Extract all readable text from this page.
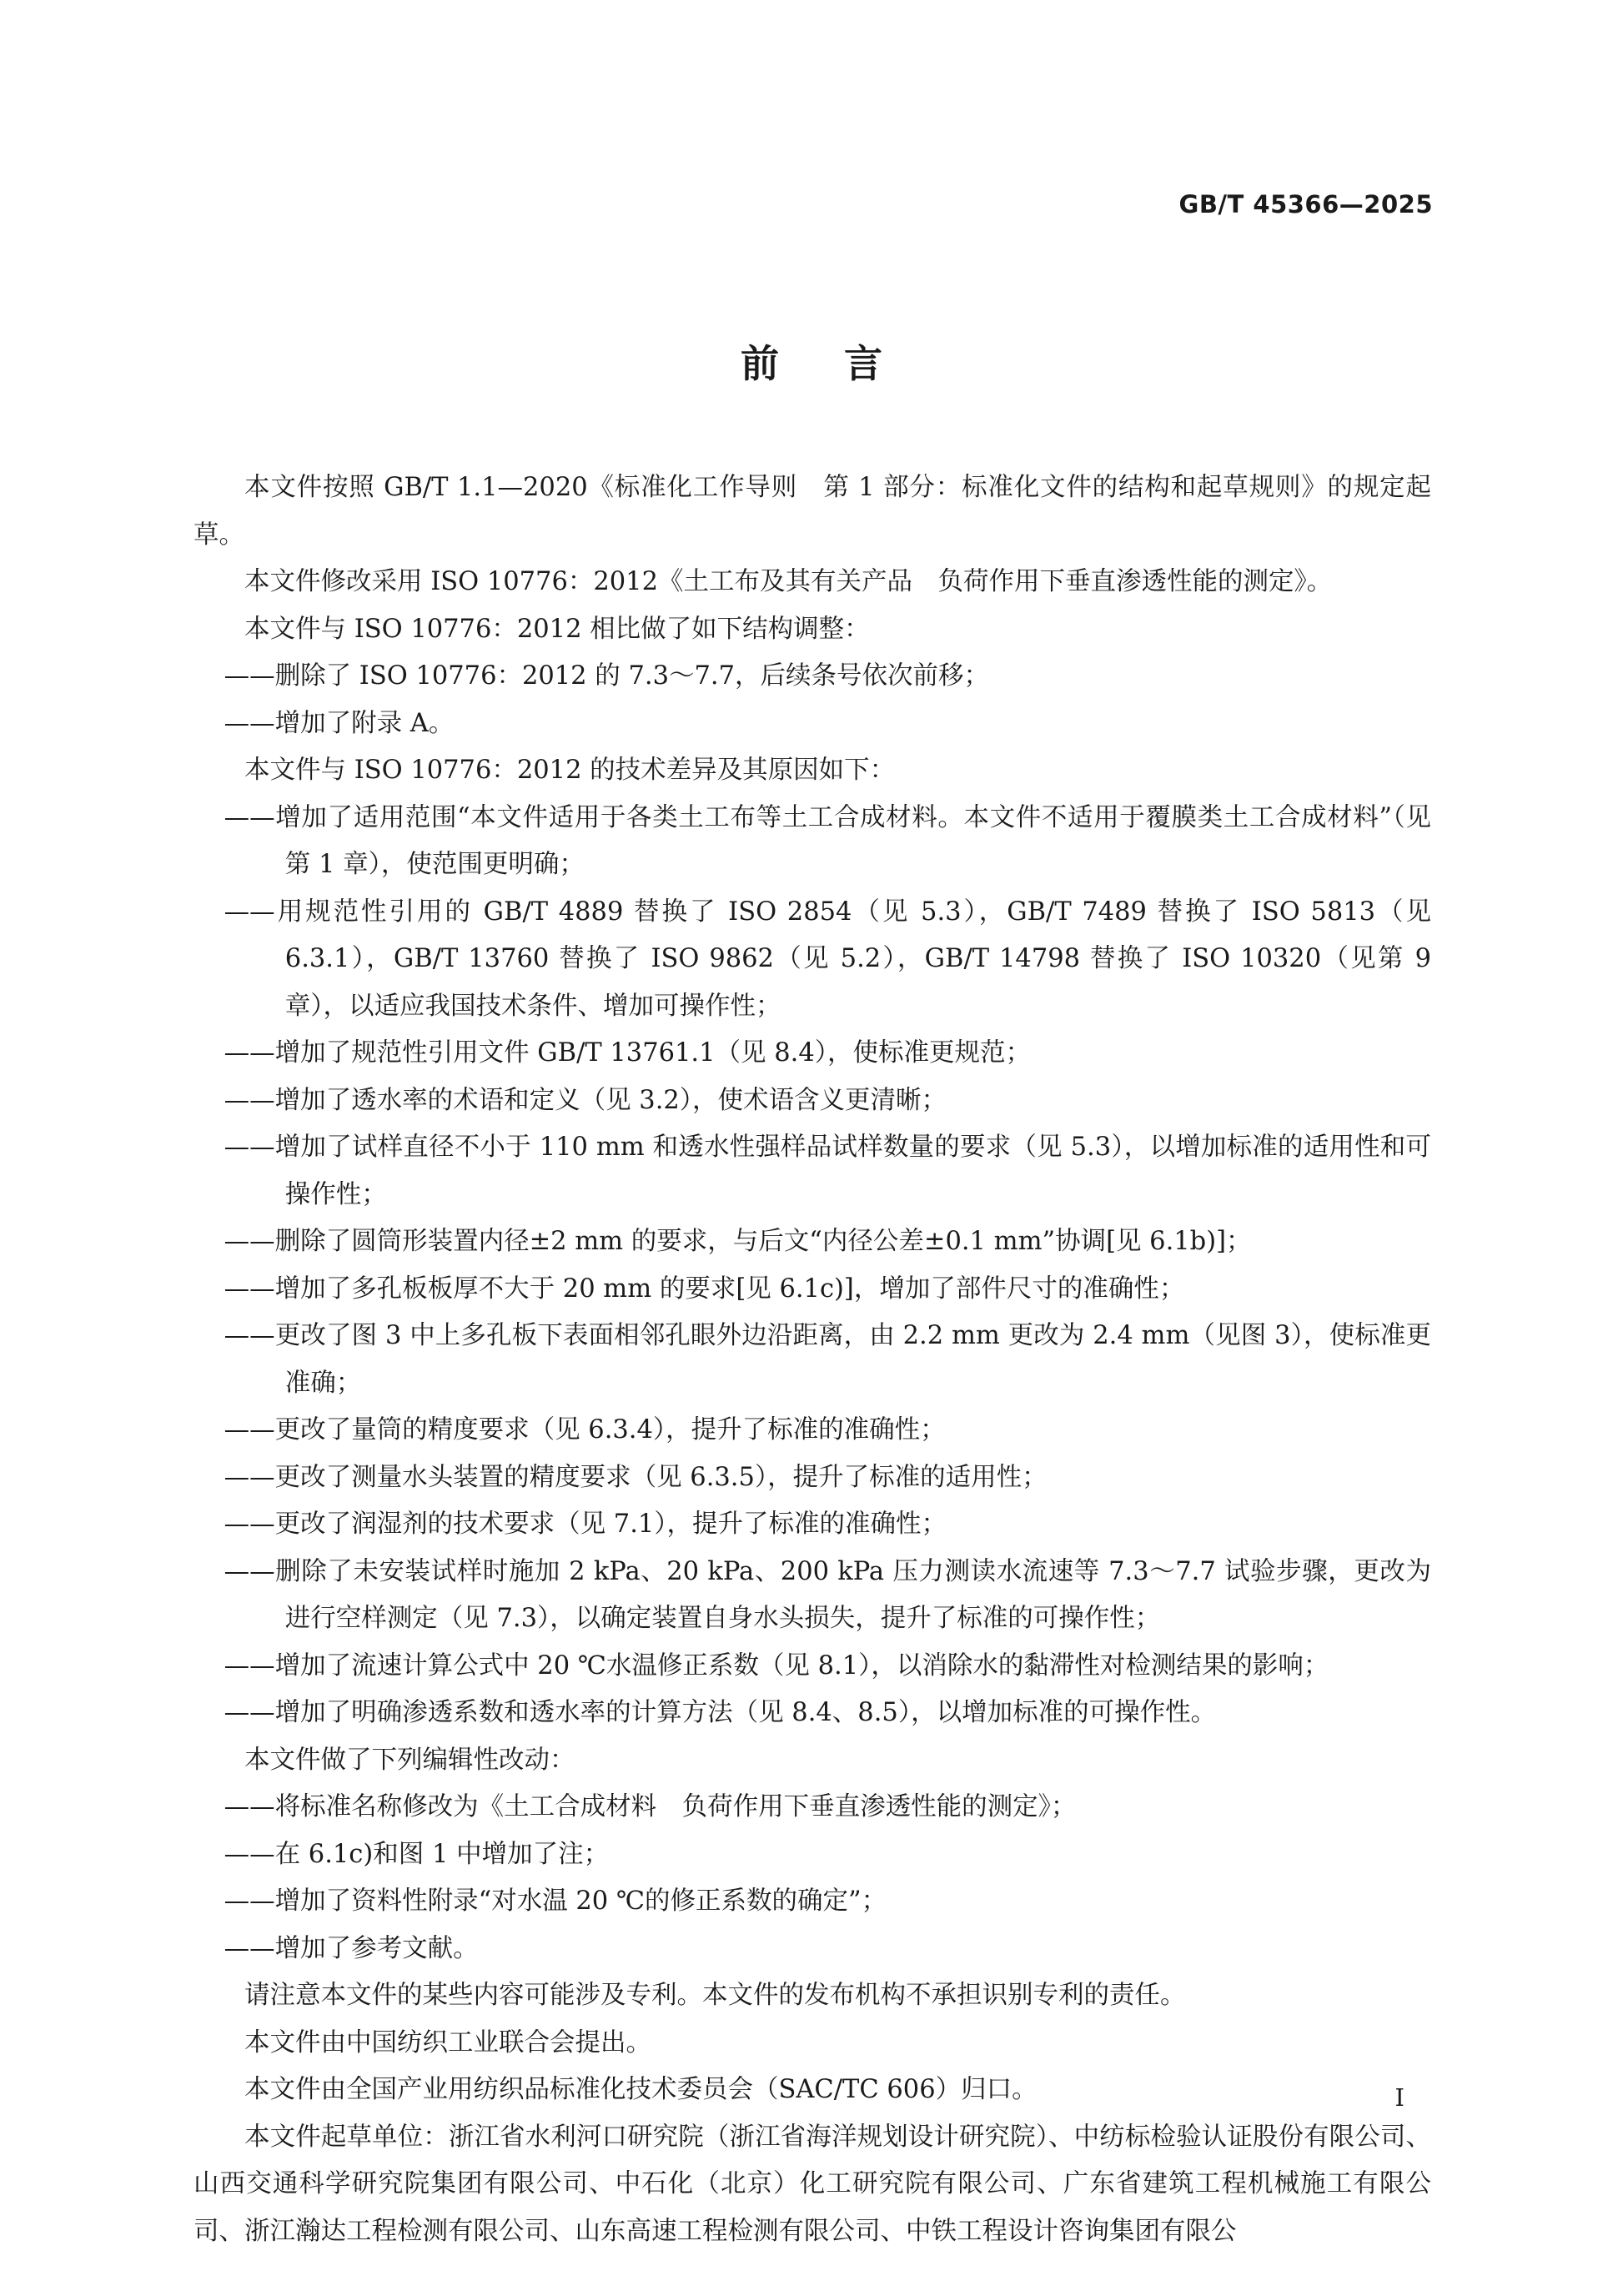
GB/T 45366—2025
前言

本文件按照 GB/T 1.1—2020《标准化工作导则　第 1 部分：标准化文件的结构和起草规则》的规定起草。

本文件修改采用 ISO 10776：2012《土工布及其有关产品　负荷作用下垂直渗透性能的测定》。

本文件与 ISO 10776：2012 相比做了如下结构调整：

——删除了 ISO 10776：2012 的 7.3～7.7，后续条号依次前移；

——增加了附录 A。

本文件与 ISO 10776：2012 的技术差异及其原因如下：

——增加了适用范围“本文件适用于各类土工布等土工合成材料。本文件不适用于覆膜类土工合成材料”（见第 1 章），使范围更明确；

——用规范性引用的 GB/T 4889 替换了 ISO 2854（见 5.3），GB/T 7489 替换了 ISO 5813（见 6.3.1），GB/T 13760 替换了 ISO 9862（见 5.2），GB/T 14798 替换了 ISO 10320（见第 9 章），以适应我国技术条件、增加可操作性；

——增加了规范性引用文件 GB/T 13761.1（见 8.4），使标准更规范；

——增加了透水率的术语和定义（见 3.2），使术语含义更清晰；

——增加了试样直径不小于 110 mm 和透水性强样品试样数量的要求（见 5.3），以增加标准的适用性和可操作性；

——删除了圆筒形装置内径±2 mm 的要求，与后文“内径公差±0.1 mm”协调[见 6.1b)]；

——增加了多孔板板厚不大于 20 mm 的要求[见 6.1c)]，增加了部件尺寸的准确性；

——更改了图 3 中上多孔板下表面相邻孔眼外边沿距离，由 2.2 mm 更改为 2.4 mm（见图 3），使标准更准确；

——更改了量筒的精度要求（见 6.3.4），提升了标准的准确性；

——更改了测量水头装置的精度要求（见 6.3.5），提升了标准的适用性；

——更改了润湿剂的技术要求（见 7.1），提升了标准的准确性；

——删除了未安装试样时施加 2 kPa、20 kPa、200 kPa 压力测读水流速等 7.3～7.7 试验步骤，更改为进行空样测定（见 7.3），以确定装置自身水头损失，提升了标准的可操作性；

——增加了流速计算公式中 20 ℃水温修正系数（见 8.1），以消除水的黏滞性对检测结果的影响；

——增加了明确渗透系数和透水率的计算方法（见 8.4、8.5），以增加标准的可操作性。

本文件做了下列编辑性改动：

——将标准名称修改为《土工合成材料　负荷作用下垂直渗透性能的测定》；

——在 6.1c)和图 1 中增加了注；

——增加了资料性附录“对水温 20 ℃的修正系数的确定”；

——增加了参考文献。

请注意本文件的某些内容可能涉及专利。本文件的发布机构不承担识别专利的责任。

本文件由中国纺织工业联合会提出。

本文件由全国产业用纺织品标准化技术委员会（SAC/TC 606）归口。

本文件起草单位：浙江省水利河口研究院（浙江省海洋规划设计研究院）、中纺标检验认证股份有限公司、山西交通科学研究院集团有限公司、中石化（北京）化工研究院有限公司、广东省建筑工程机械施工有限公司、浙江瀚达工程检测有限公司、山东高速工程检测有限公司、中铁工程设计咨询集团有限公

I
